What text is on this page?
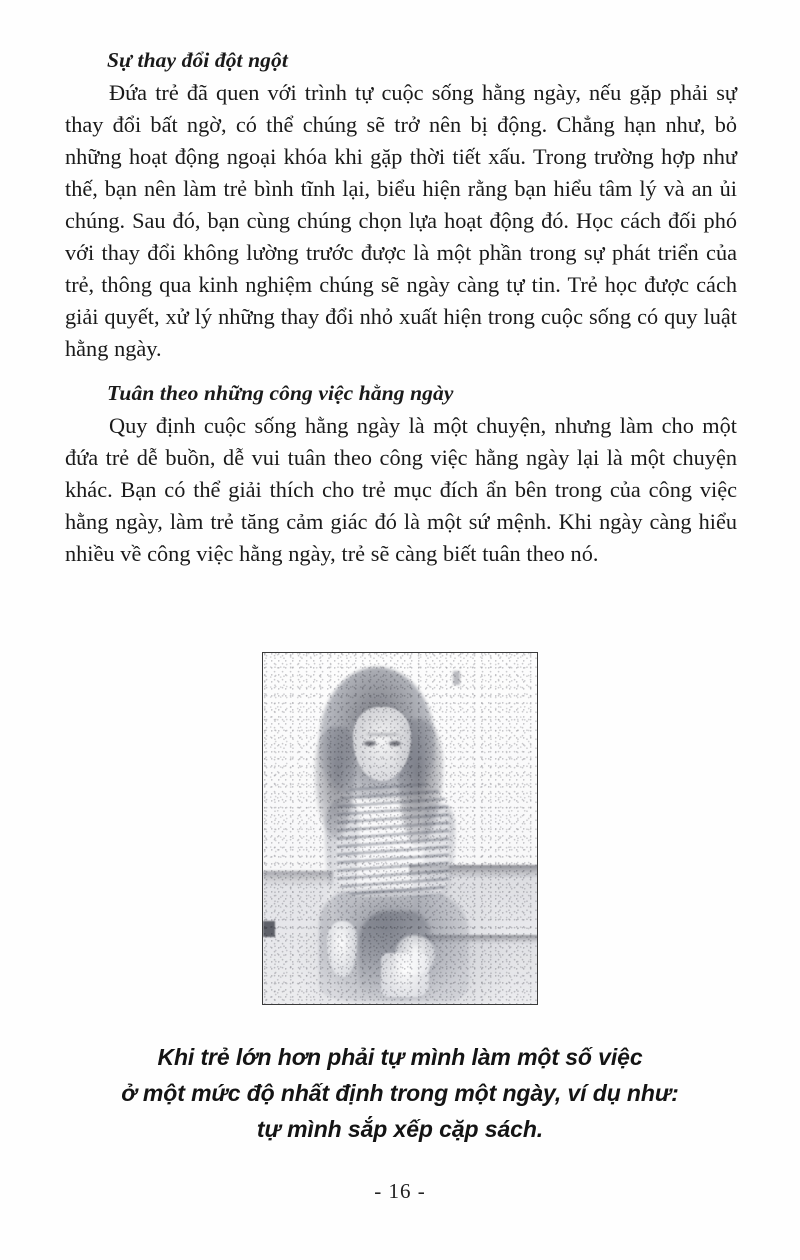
Sự thay đổi đột ngột

Đứa trẻ đã quen với trình tự cuộc sống hằng ngày, nếu gặp phải sự thay đổi bất ngờ, có thể chúng sẽ trở nên bị động. Chẳng hạn như, bỏ những hoạt động ngoại khóa khi gặp thời tiết xấu. Trong trường hợp như thế, bạn nên làm trẻ bình tĩnh lại, biểu hiện rằng bạn hiểu tâm lý và an ủi chúng. Sau đó, bạn cùng chúng chọn lựa hoạt động đó. Học cách đối phó với thay đổi không lường trước được là một phần trong sự phát triển của trẻ, thông qua kinh nghiệm chúng sẽ ngày càng tự tin. Trẻ học được cách giải quyết, xử lý những thay đổi nhỏ xuất hiện trong cuộc sống có quy luật hằng ngày.

Tuân theo những công việc hằng ngày

Quy định cuộc sống hằng ngày là một chuyện, nhưng làm cho một đứa trẻ dễ buồn, dễ vui tuân theo công việc hằng ngày lại là một chuyện khác. Bạn có thể giải thích cho trẻ mục đích ẩn bên trong của công việc hằng ngày, làm trẻ tăng cảm giác đó là một sứ mệnh. Khi ngày càng hiểu nhiều về công việc hằng ngày, trẻ sẽ càng biết tuân theo nó.

Khi trẻ lớn hơn phải tự mình làm một số việc
ở một mức độ nhất định trong một ngày, ví dụ như:
tự mình sắp xếp cặp sách.
- 16 -
